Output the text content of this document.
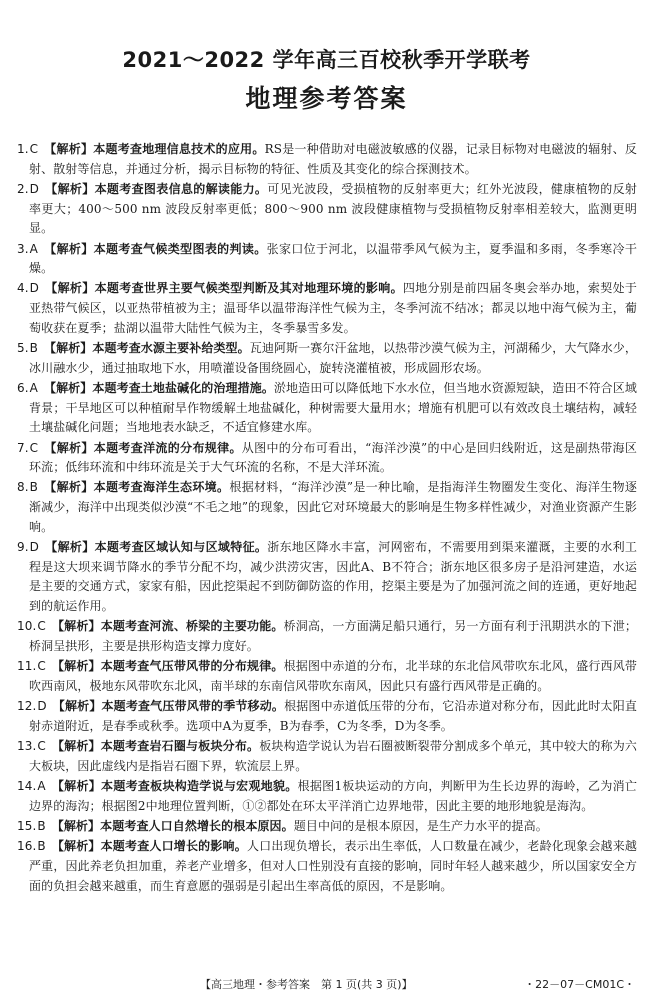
2021～2022 学年高三百校秋季开学联考
地理参考答案

1.C 【解析】本题考查地理信息技术的应用。RS是一种借助对电磁波敏感的仪器，记录目标物对电磁波的辐射、反射、散射等信息，并通过分析，揭示目标物的特征、性质及其变化的综合探测技术。

2.D 【解析】本题考查图表信息的解读能力。可见光波段，受损植物的反射率更大；红外光波段，健康植物的反射率更大；400～500 nm 波段反射率更低；800～900 nm 波段健康植物与受损植物反射率相差较大，监测更明显。

3.A 【解析】本题考查气候类型图表的判读。张家口位于河北，以温带季风气候为主，夏季温和多雨，冬季寒冷干燥。

4.D 【解析】本题考查世界主要气候类型判断及其对地理环境的影响。四地分别是前四届冬奥会举办地，索契处于亚热带气候区，以亚热带植被为主；温哥华以温带海洋性气候为主，冬季河流不结冰；都灵以地中海气候为主，葡萄收获在夏季；盐湖以温带大陆性气候为主，冬季暴雪多发。

5.B 【解析】本题考查水源主要补给类型。瓦迪阿斯一赛尔汗盆地，以热带沙漠气候为主，河湖稀少，大气降水少，冰川融水少，通过抽取地下水，用喷灌设备围绕圆心，旋转浇灌植被，形成圆形农场。

6.A 【解析】本题考查土地盐碱化的治理措施。淤地造田可以降低地下水水位，但当地水资源短缺，造田不符合区域背景；干旱地区可以种植耐旱作物缓解土地盐碱化，种树需要大量用水；增施有机肥可以有效改良土壤结构，减轻土壤盐碱化问题；当地地表水缺乏，不适宜修建水库。

7.C 【解析】本题考查洋流的分布规律。从图中的分布可看出，“海洋沙漠”的中心是回归线附近，这是副热带海区环流；低纬环流和中纬环流是关于大气环流的名称，不是大洋环流。

8.B 【解析】本题考查海洋生态环境。根据材料，“海洋沙漠”是一种比喻，是指海洋生物圈发生变化、海洋生物逐渐减少，海洋中出现类似沙漠“不毛之地”的现象，因此它对环境最大的影响是生物多样性减少，对渔业资源产生影响。

9.D 【解析】本题考查区域认知与区域特征。浙东地区降水丰富，河网密布，不需要用到渠来灌溉，主要的水利工程是这大坝来调节降水的季节分配不均，减少洪涝灾害，因此A、B不符合；浙东地区很多房子是沿河建造，水运是主要的交通方式，家家有船，因此挖渠起不到防御防盗的作用，挖渠主要是为了加强河流之间的连通，更好地起到的航运作用。

10.C 【解析】本题考查河流、桥梁的主要功能。桥洞高，一方面满足船只通行，另一方面有利于汛期洪水的下泄；桥洞呈拱形，主要是拱形构造支撑力度好。

11.C 【解析】本题考查气压带风带的分布规律。根据图中赤道的分布，北半球的东北信风带吹东北风，盛行西风带吹西南风，极地东风带吹东北风，南半球的东南信风带吹东南风，因此只有盛行西风带是正确的。

12.D 【解析】本题考查气压带风带的季节移动。根据图中赤道低压带的分布，它沿赤道对称分布，因此此时太阳直射赤道附近，是春季或秋季。选项中A为夏季，B为春季，C为冬季，D为冬季。

13.C 【解析】本题考查岩石圈与板块分布。板块构造学说认为岩石圈被断裂带分割成多个单元，其中较大的称为六大板块，因此虚线内是指岩石圈下界，软流层上界。

14.A 【解析】本题考查板块构造学说与宏观地貌。根据图1板块运动的方向，判断甲为生长边界的海岭，乙为消亡边界的海沟；根据图2中地理位置判断，①②都处在环太平洋消亡边界地带，因此主要的地形地貌是海沟。

15.B 【解析】本题考查人口自然增长的根本原因。题目中问的是根本原因，是生产力水平的提高。

16.B 【解析】本题考查人口增长的影响。人口出现负增长，表示出生率低，人口数量在减少，老龄化现象会越来越严重，因此养老负担加重，养老产业增多，但对人口性别没有直接的影响，同时年轻人越来越少，所以国家安全方面的负担会越来越重，而生育意愿的强弱是引起出生率高低的原因，不是影响。

【高三地理・参考答案　第 1 页(共 3 页)】	・22－07－CM01C・
